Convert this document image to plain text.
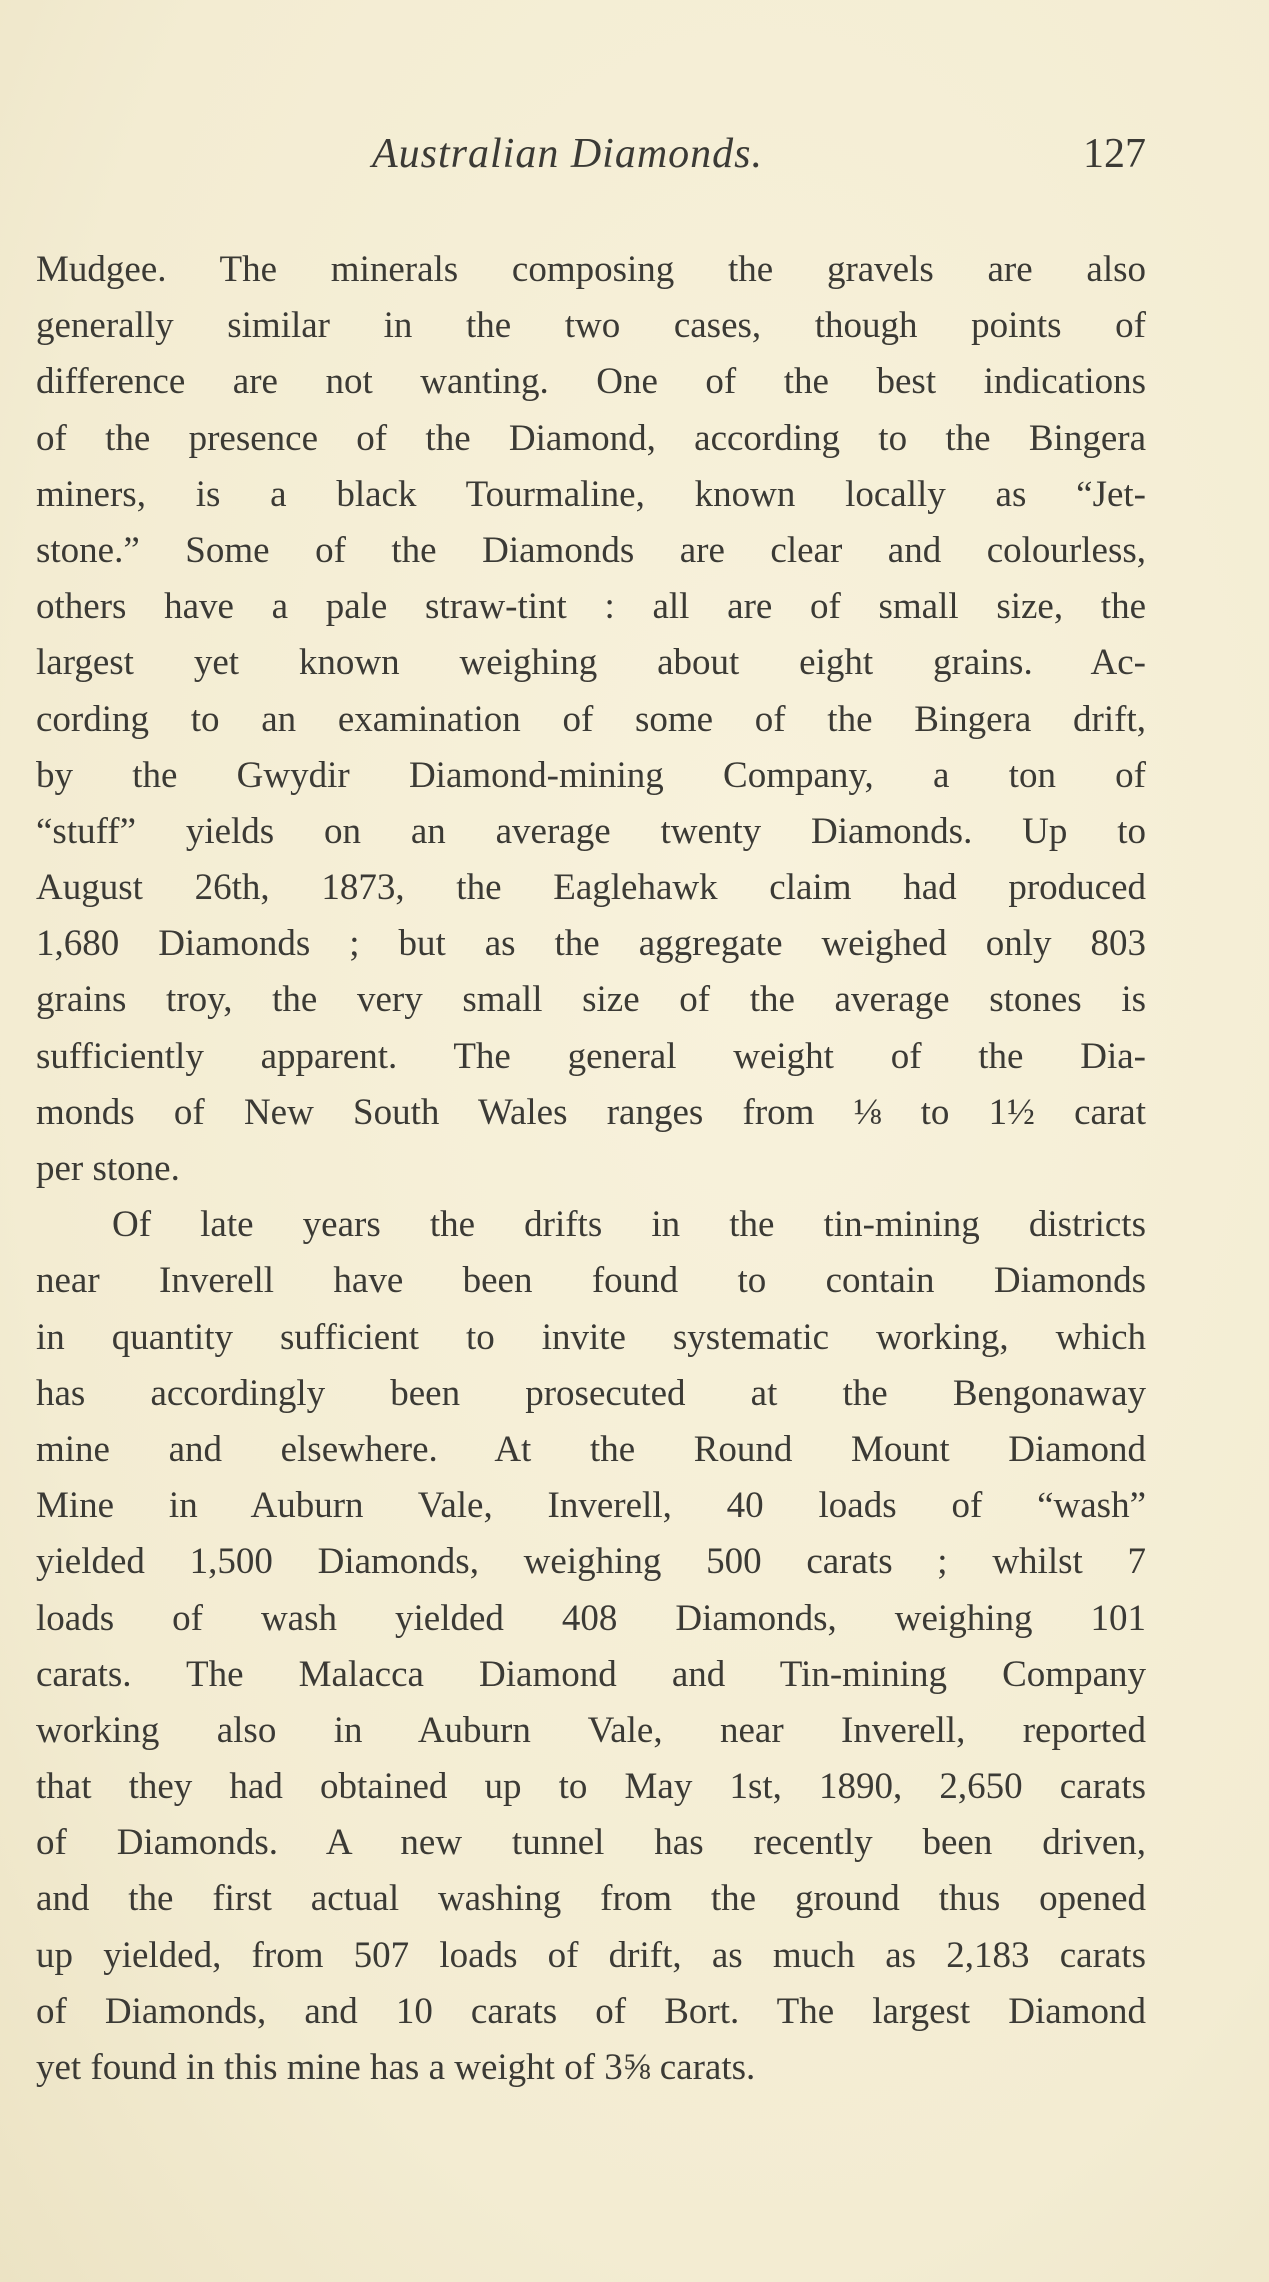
Australian Diamonds.	127
Mudgee. The minerals composing the gravels are also
generally similar in the two cases, though points of
difference are not wanting. One of the best indications
of the presence of the Diamond, according to the Bingera
miners, is a black Tourmaline, known locally as “Jet-
stone.” Some of the Diamonds are clear and colourless,
others have a pale straw-tint : all are of small size, the
largest yet known weighing about eight grains. Ac-
cording to an examination of some of the Bingera drift,
by the Gwydir Diamond-mining Company, a ton of
“stuff” yields on an average twenty Diamonds. Up to
August 26th, 1873, the Eaglehawk claim had produced
1,680 Diamonds ; but as the aggregate weighed only 803
grains troy, the very small size of the average stones is
sufficiently apparent. The general weight of the Dia-
monds of New South Wales ranges from ⅛ to 1½ carat
per stone.
Of late years the drifts in the tin-mining districts
near Inverell have been found to contain Diamonds
in quantity sufficient to invite systematic working, which
has accordingly been prosecuted at the Bengonaway
mine and elsewhere. At the Round Mount Diamond
Mine in Auburn Vale, Inverell, 40 loads of “wash”
yielded 1,500 Diamonds, weighing 500 carats ; whilst 7
loads of wash yielded 408 Diamonds, weighing 101
carats. The Malacca Diamond and Tin-mining Company
working also in Auburn Vale, near Inverell, reported
that they had obtained up to May 1st, 1890, 2,650 carats
of Diamonds. A new tunnel has recently been driven,
and the first actual washing from the ground thus opened
up yielded, from 507 loads of drift, as much as 2,183 carats
of Diamonds, and 10 carats of Bort. The largest Diamond
yet found in this mine has a weight of 3⅝ carats.
